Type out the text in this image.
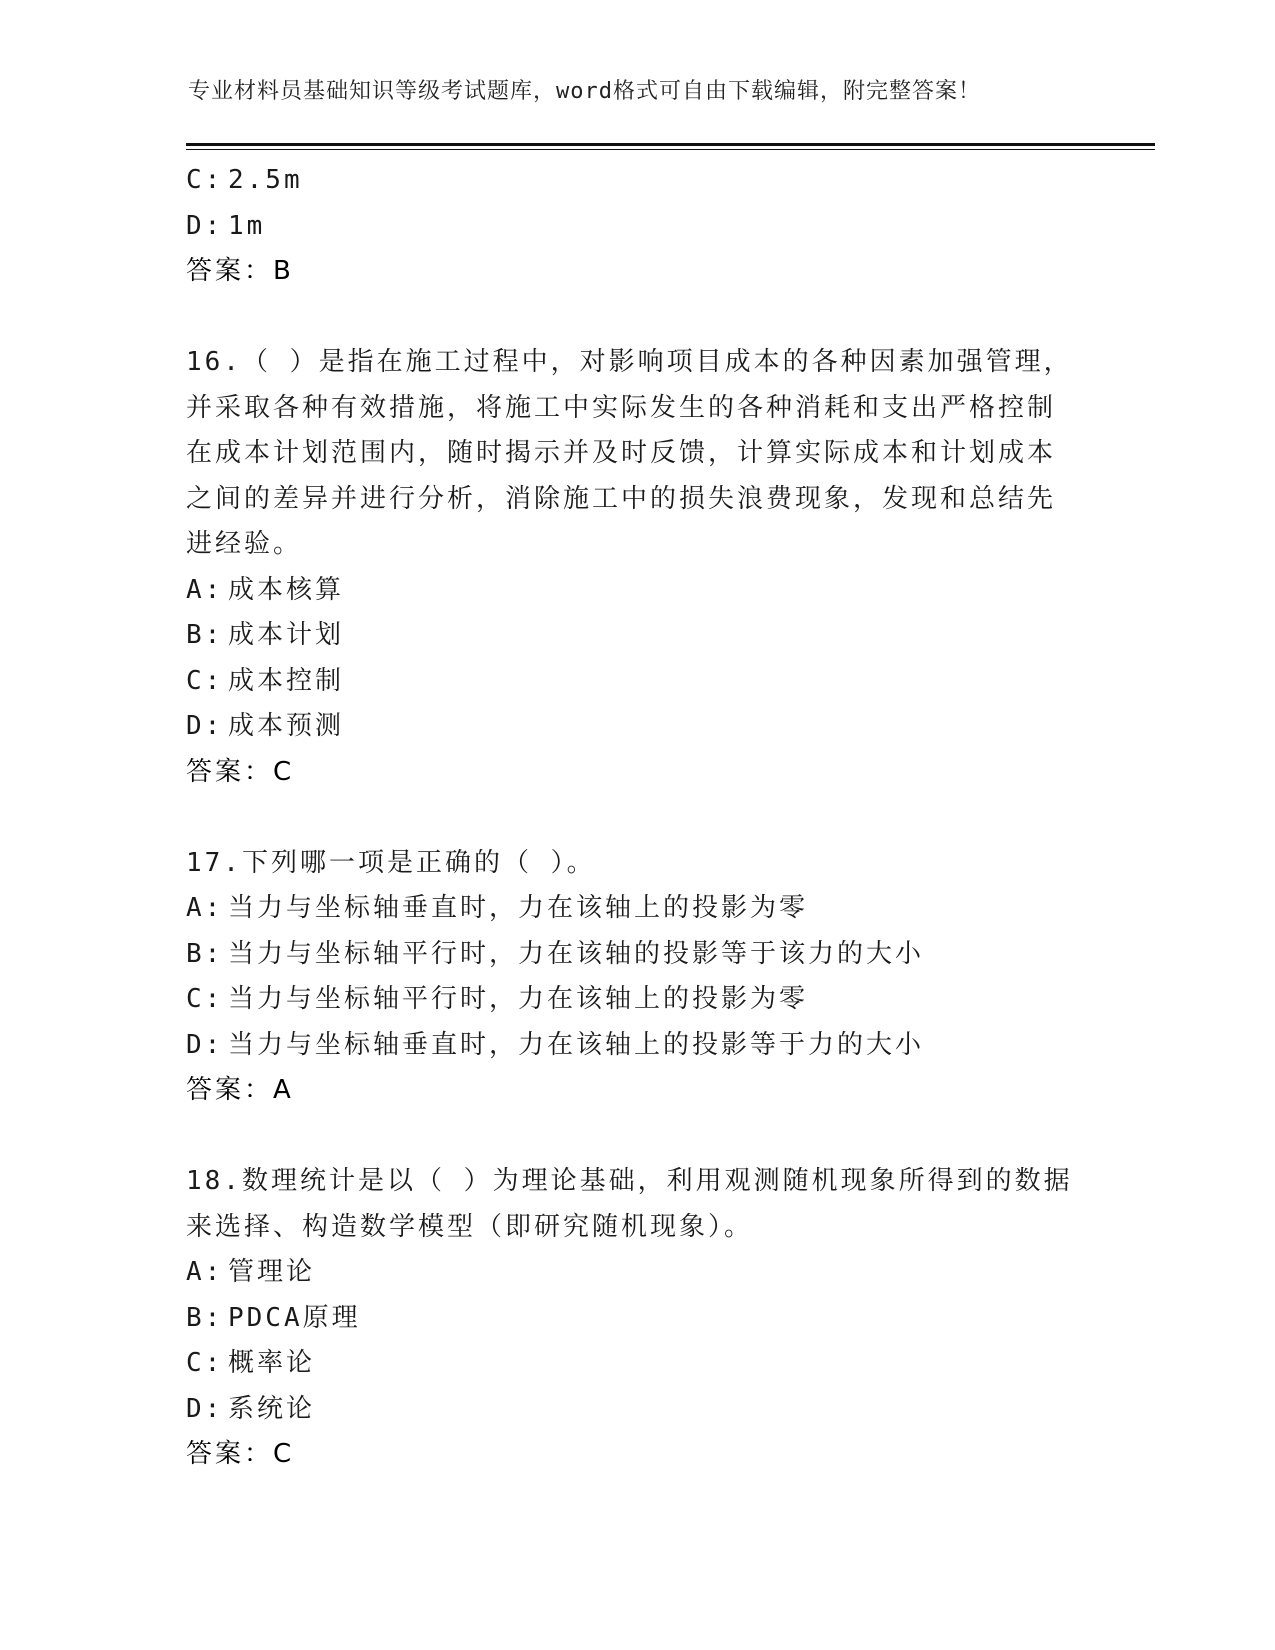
专业材料员基础知识等级考试题库，word格式可自由下载编辑，附完整答案！
C: 2.5m
D: 1m
答案：B
16.（ ）是指在施工过程中，对影响项目成本的各种因素加强管理，
并采取各种有效措施，将施工中实际发生的各种消耗和支出严格控制
在成本计划范围内，随时揭示并及时反馈，计算实际成本和计划成本
之间的差异并进行分析，消除施工中的损失浪费现象，发现和总结先
进经验。
A: 成本核算
B: 成本计划
C: 成本控制
D: 成本预测
答案：C
17.下列哪一项是正确的（ ）。
A: 当力与坐标轴垂直时，力在该轴上的投影为零
B: 当力与坐标轴平行时，力在该轴的投影等于该力的大小
C: 当力与坐标轴平行时，力在该轴上的投影为零
D: 当力与坐标轴垂直时，力在该轴上的投影等于力的大小
答案：A
18.数理统计是以（ ）为理论基础，利用观测随机现象所得到的数据
来选择、构造数学模型（即研究随机现象）。
A: 管理论
B: PDCA原理
C: 概率论
D: 系统论
答案：C
